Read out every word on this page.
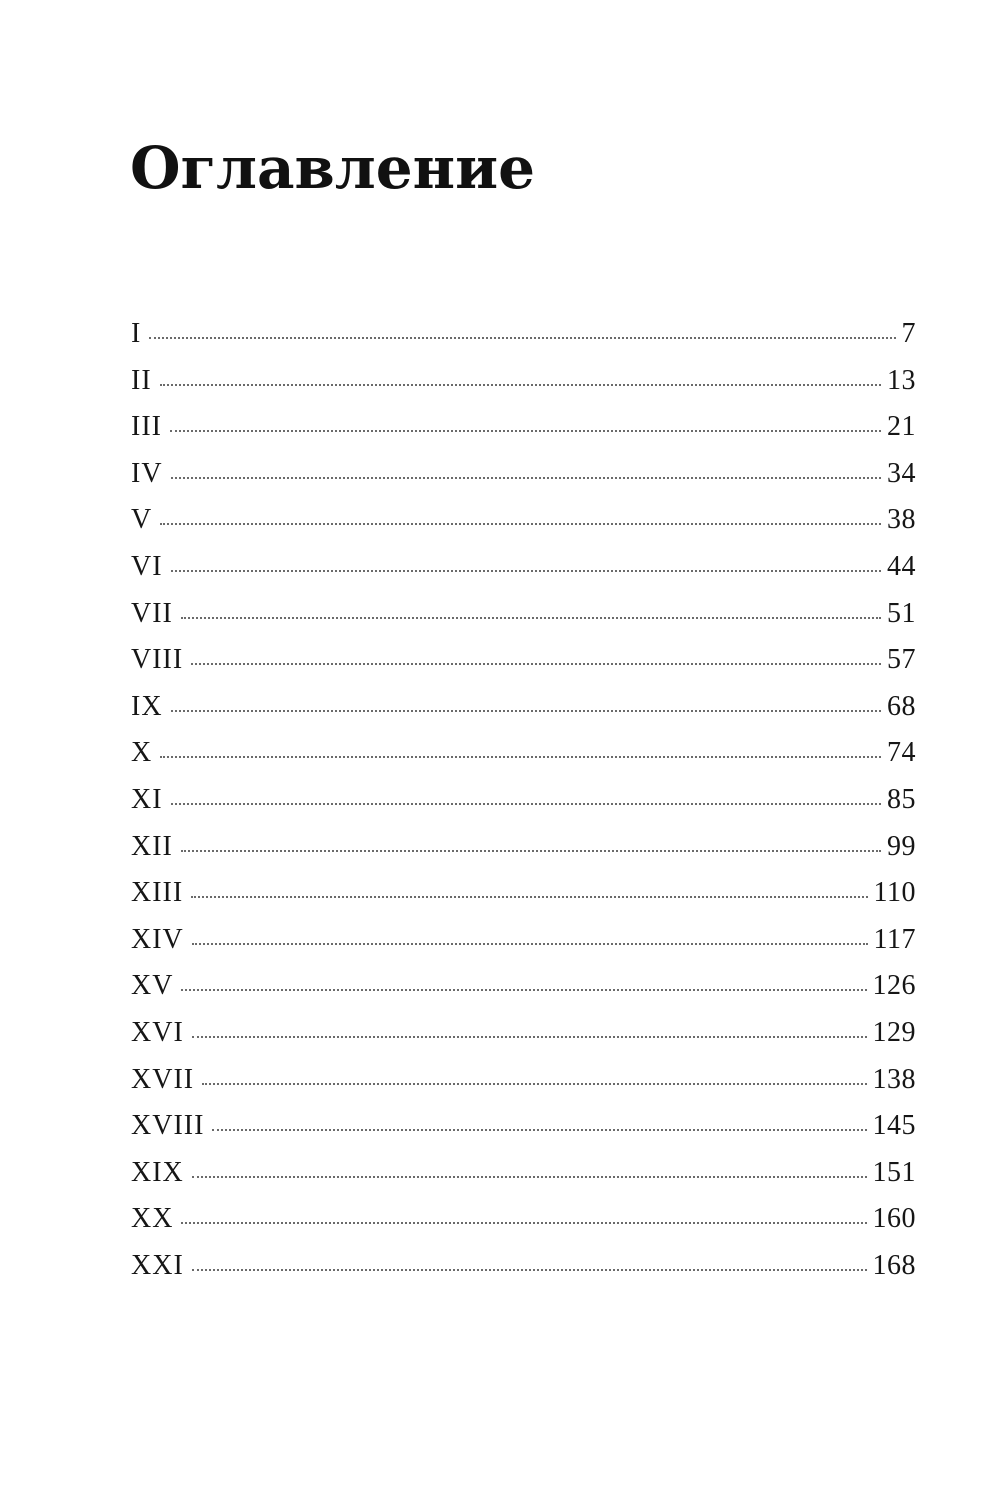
Оглавление
I	7
II	13
III	21
IV	34
V	38
VI	44
VII	51
VIII	57
IX	68
X	74
XI	85
XII	99
XIII	110
XIV	117
XV	126
XVI	129
XVII	138
XVIII	145
XIX	151
XX	160
XXI	168
